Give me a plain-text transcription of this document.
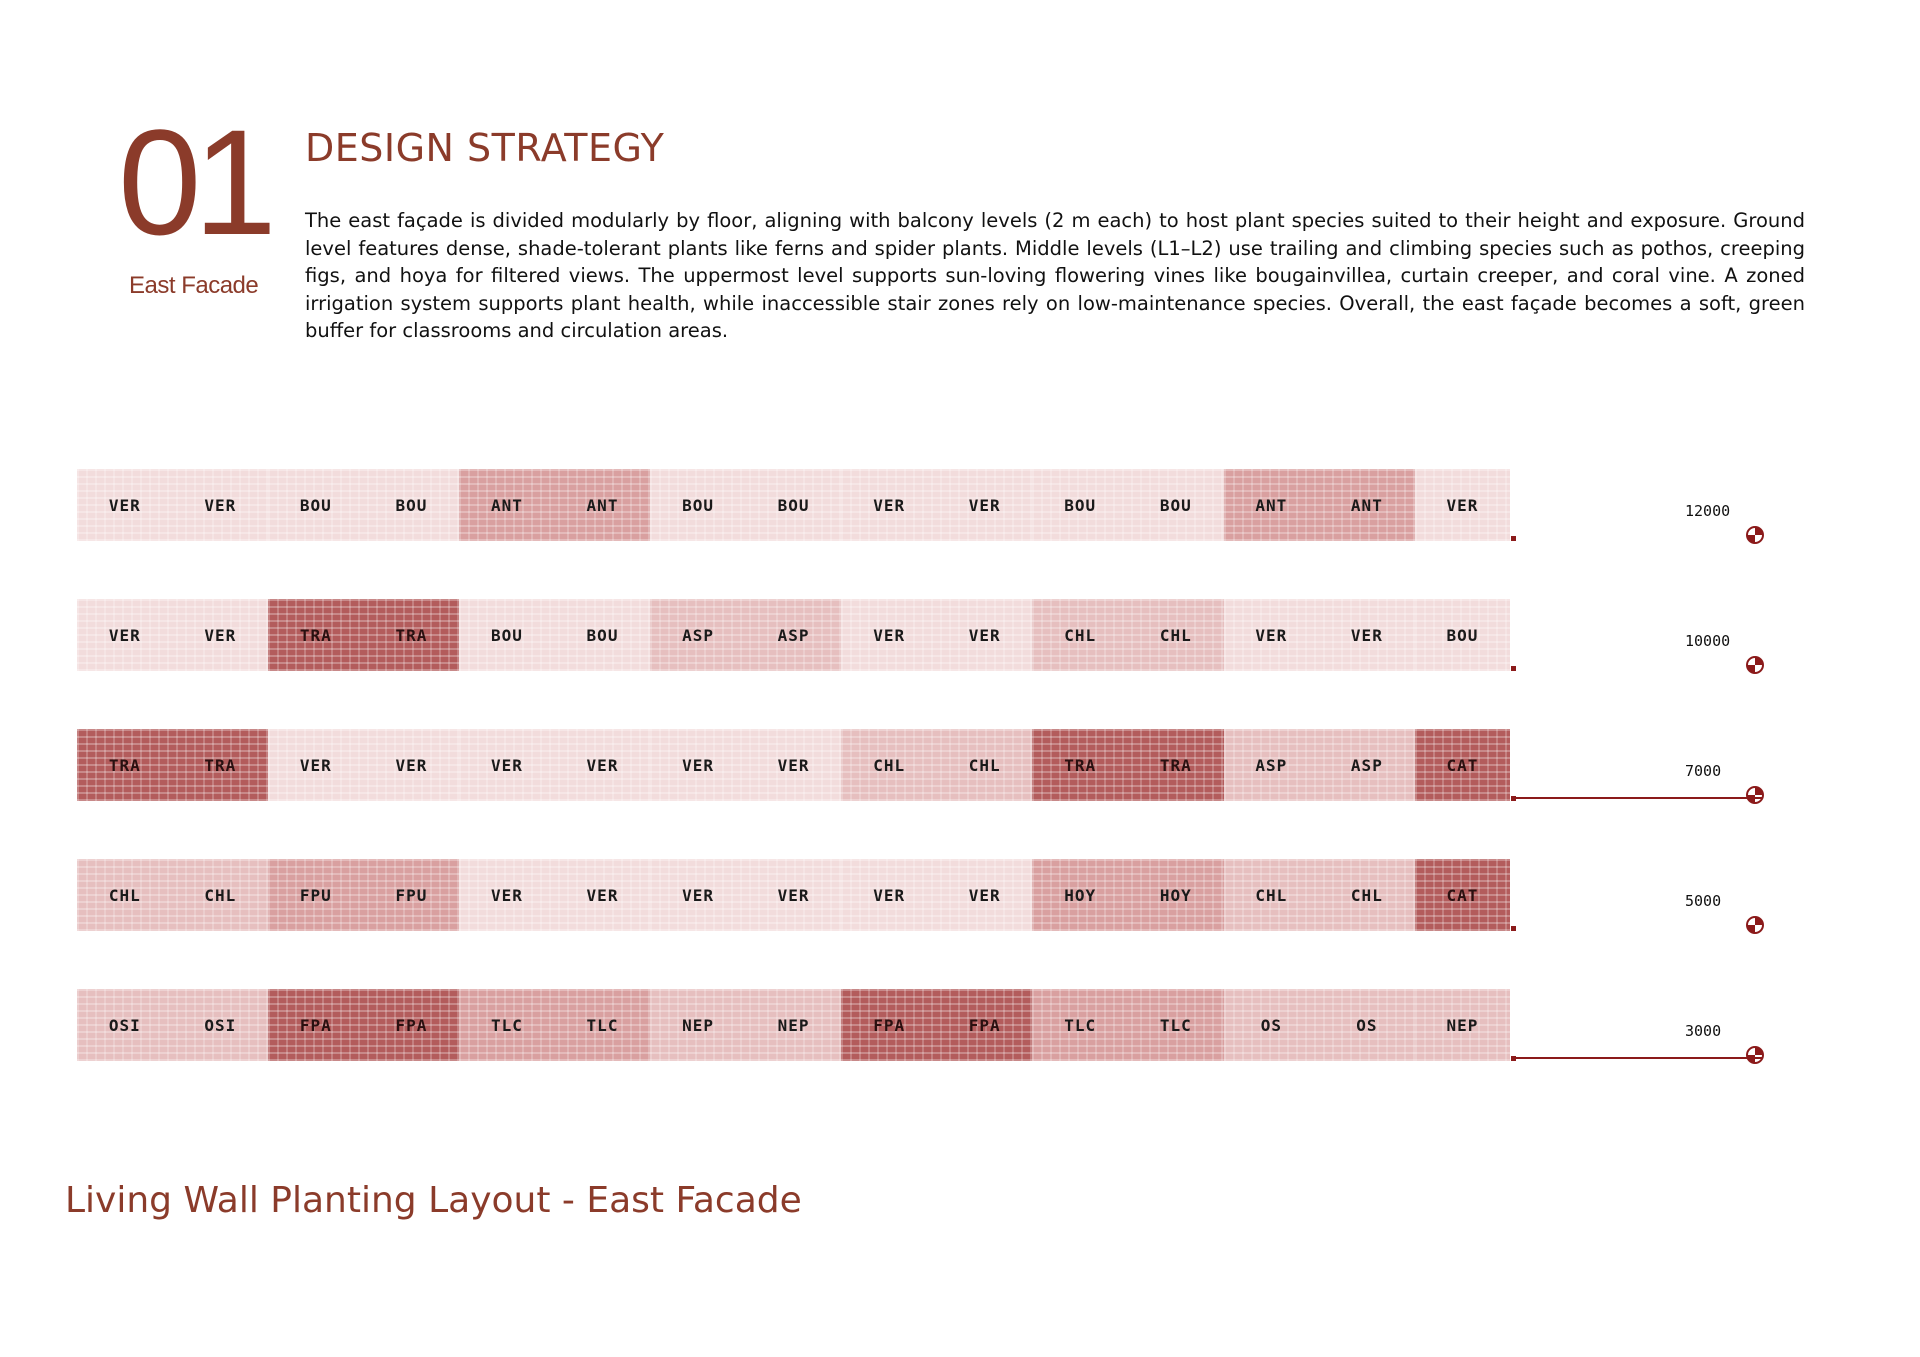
01
East Facade
DESIGN STRATEGY
The east façade is divided modularly by floor, aligning with balcony levels (2 m each) to host plant species suited to their height and exposure. Ground level features dense, shade-tolerant plants like ferns and spider plants. Middle levels (L1–L2) use trailing and climbing species such as pothos, creeping figs, and hoya for filtered views. The uppermost level supports sun-loving flowering vines like bougainvillea, curtain creeper, and coral vine. A zoned irrigation system supports plant health, while inaccessible stair zones rely on low-maintenance species. Overall, the east façade becomes a soft, green buffer for classrooms and circulation areas.
VER	VER	BOU	BOU	ANT	ANT	BOU	BOU	VER	VER	BOU	BOU	ANT	ANT	VER	12000
VER	VER	TRA	TRA	BOU	BOU	ASP	ASP	VER	VER	CHL	CHL	VER	VER	BOU	10000
TRA	TRA	VER	VER	VER	VER	VER	VER	CHL	CHL	TRA	TRA	ASP	ASP	CAT	7000
CHL	CHL	FPU	FPU	VER	VER	VER	VER	VER	VER	HOY	HOY	CHL	CHL	CAT	5000
OSI	OSI	FPA	FPA	TLC	TLC	NEP	NEP	FPA	FPA	TLC	TLC	OS	OS	NEP	3000
Living Wall Planting Layout - East Facade
